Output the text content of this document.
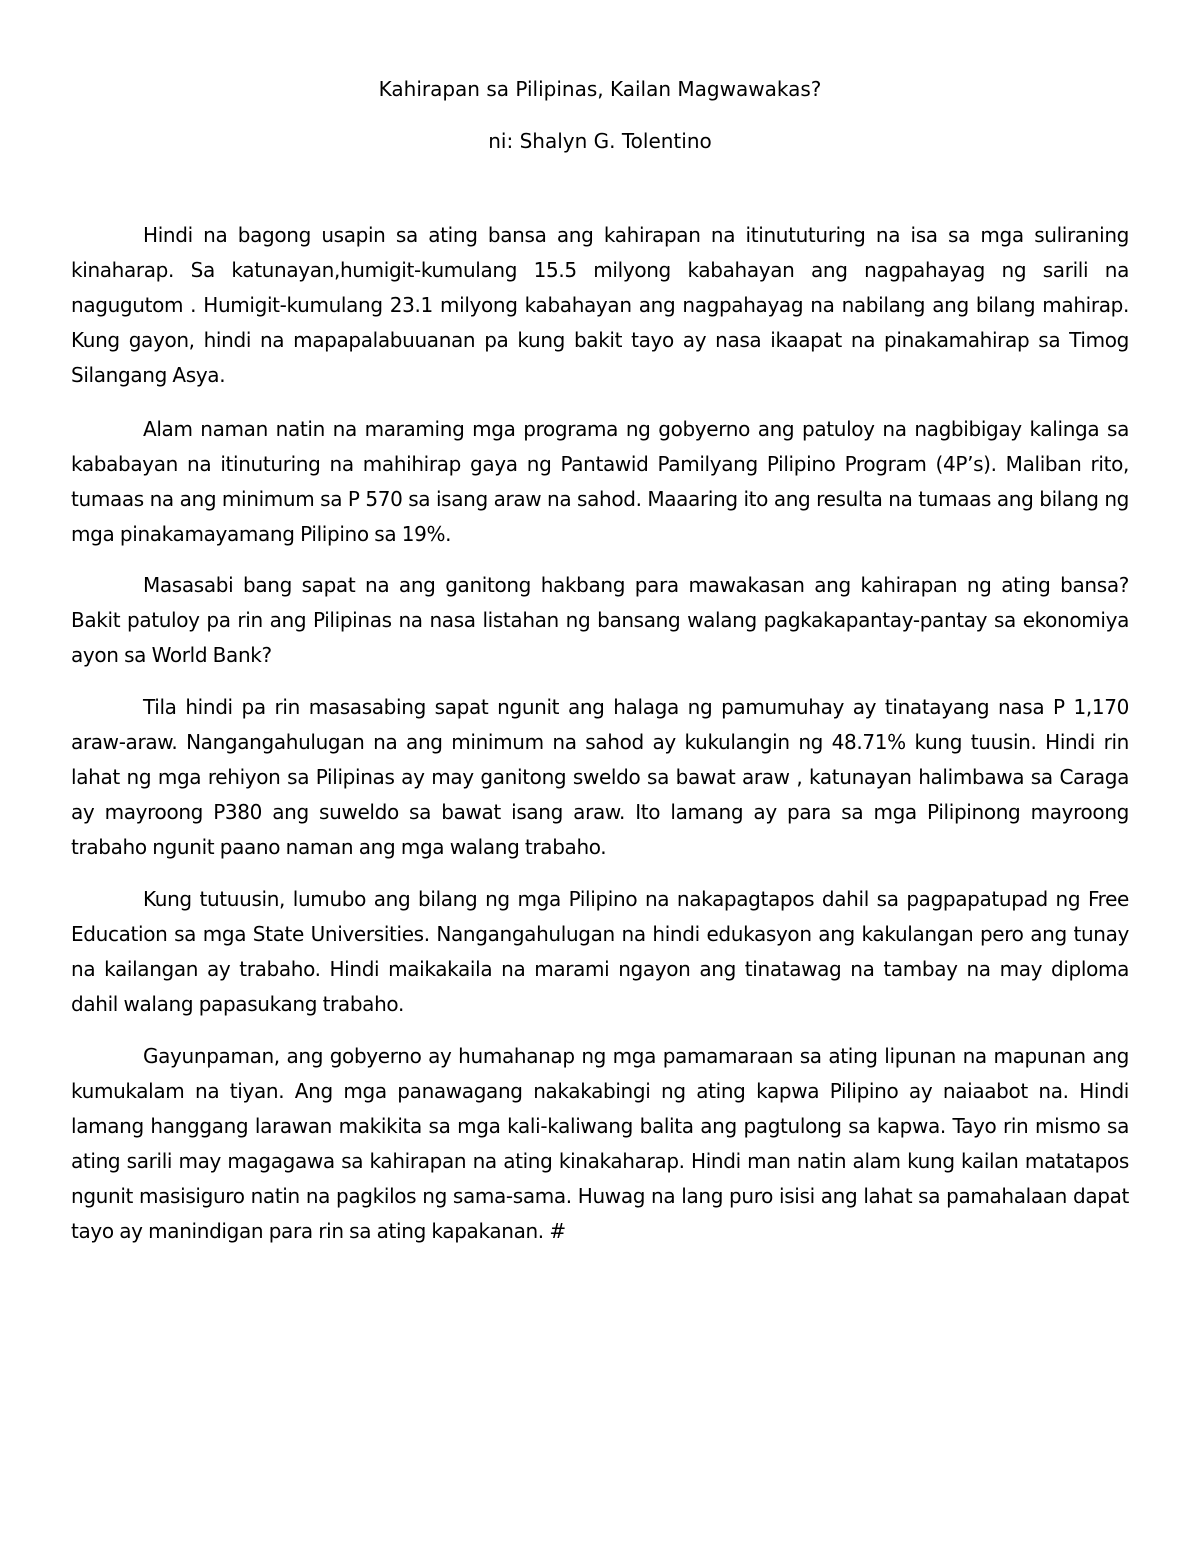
Kahirapan sa Pilipinas, Kailan Magwawakas?

ni: Shalyn G. Tolentino

Hindi na bagong usapin sa ating bansa ang kahirapan na itinututuring na isa sa mga suliraning kinaharap. Sa katunayan,humigit-kumulang 15.5 milyong kabahayan ang nagpahayag ng sarili na nagugutom . Humigit-kumulang 23.1 milyong kabahayan ang nagpahayag na nabilang ang bilang mahirap. Kung gayon, hindi na mapapalabuuanan pa kung bakit tayo ay nasa ikaapat na pinakamahirap sa Timog Silangang Asya.

Alam naman natin na maraming mga programa ng gobyerno ang patuloy na nagbibigay kalinga sa kababayan na itinuturing na mahihirap gaya ng Pantawid Pamilyang Pilipino Program (4P’s). Maliban rito, tumaas na ang minimum sa P 570 sa isang araw na sahod. Maaaring ito ang resulta na tumaas ang bilang ng mga pinakamayamang Pilipino sa 19%.

Masasabi bang sapat na ang ganitong hakbang para mawakasan ang kahirapan ng ating bansa? Bakit patuloy pa rin ang Pilipinas na nasa listahan ng bansang walang pagkakapantay-pantay sa ekonomiya ayon sa World Bank?

Tila hindi pa rin masasabing sapat ngunit ang halaga ng pamumuhay ay tinatayang nasa P 1,170 araw-araw. Nangangahulugan na ang minimum na sahod ay kukulangin ng 48.71% kung tuusin. Hindi rin lahat ng mga rehiyon sa Pilipinas ay may ganitong sweldo sa bawat araw , katunayan halimbawa sa Caraga ay mayroong P380 ang suweldo sa bawat isang araw. Ito lamang ay para sa mga Pilipinong mayroong trabaho ngunit paano naman ang mga walang trabaho.

Kung tutuusin, lumubo ang bilang ng mga Pilipino na nakapagtapos dahil sa pagpapatupad ng Free Education sa mga State Universities. Nangangahulugan na hindi edukasyon ang kakulangan pero ang tunay na kailangan ay trabaho. Hindi maikakaila na marami ngayon ang tinatawag na tambay na may diploma dahil walang papasukang trabaho.

Gayunpaman, ang gobyerno ay humahanap ng mga pamamaraan sa ating lipunan na mapunan ang kumukalam na tiyan. Ang mga panawagang nakakabingi ng ating kapwa Pilipino ay naiaabot na. Hindi lamang hanggang larawan makikita sa mga kali-kaliwang balita ang pagtulong sa kapwa. Tayo rin mismo sa ating sarili may magagawa sa kahirapan na ating kinakaharap. Hindi man natin alam kung kailan matatapos ngunit masisiguro natin na pagkilos ng sama-sama. Huwag na lang puro isisi ang lahat sa pamahalaan dapat tayo ay manindigan para rin sa ating kapakanan. #
